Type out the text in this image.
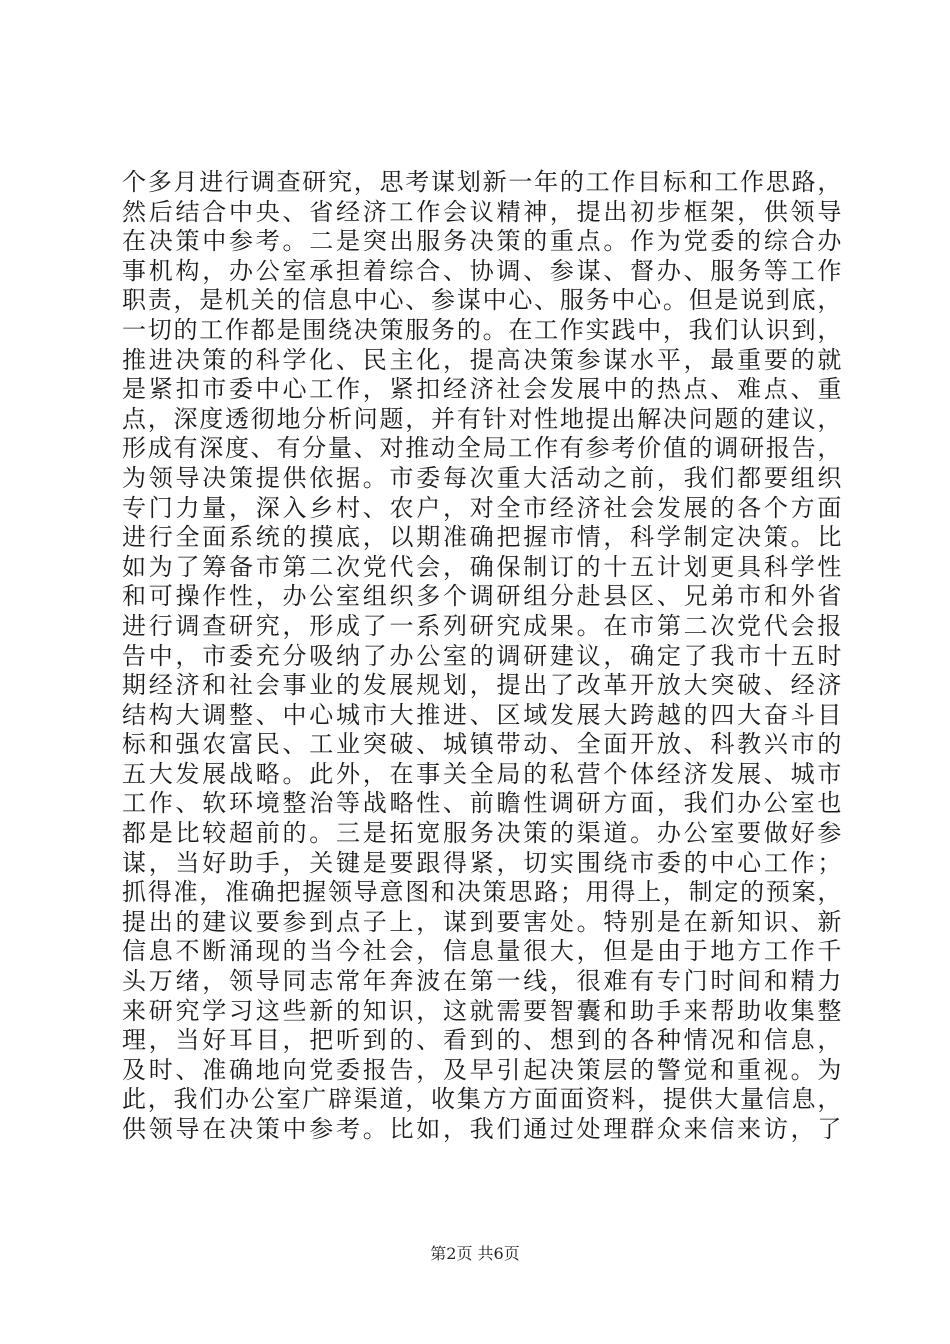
个多月进行调查研究，思考谋划新一年的工作目标和工作思路，
然后结合中央、省经济工作会议精神，提出初步框架，供领导
在决策中参考。二是突出服务决策的重点。作为党委的综合办
事机构，办公室承担着综合、协调、参谋、督办、服务等工作
职责，是机关的信息中心、参谋中心、服务中心。但是说到底，
一切的工作都是围绕决策服务的。在工作实践中，我们认识到，
推进决策的科学化、民主化，提高决策参谋水平，最重要的就
是紧扣市委中心工作，紧扣经济社会发展中的热点、难点、重
点，深度透彻地分析问题，并有针对性地提出解决问题的建议，
形成有深度、有分量、对推动全局工作有参考价值的调研报告，
为领导决策提供依据。市委每次重大活动之前，我们都要组织
专门力量，深入乡村、农户，对全市经济社会发展的各个方面
进行全面系统的摸底，以期准确把握市情，科学制定决策。比
如为了筹备市第二次党代会，确保制订的十五计划更具科学性
和可操作性，办公室组织多个调研组分赴县区、兄弟市和外省
进行调查研究，形成了一系列研究成果。在市第二次党代会报
告中，市委充分吸纳了办公室的调研建议，确定了我市十五时
期经济和社会事业的发展规划，提出了改革开放大突破、经济
结构大调整、中心城市大推进、区域发展大跨越的四大奋斗目
标和强农富民、工业突破、城镇带动、全面开放、科教兴市的
五大发展战略。此外，在事关全局的私营个体经济发展、城市
工作、软环境整治等战略性、前瞻性调研方面，我们办公室也
都是比较超前的。三是拓宽服务决策的渠道。办公室要做好参
谋，当好助手，关键是要跟得紧，切实围绕市委的中心工作；
抓得准，准确把握领导意图和决策思路；用得上，制定的预案，
提出的建议要参到点子上，谋到要害处。特别是在新知识、新
信息不断涌现的当今社会，信息量很大，但是由于地方工作千
头万绪，领导同志常年奔波在第一线，很难有专门时间和精力
来研究学习这些新的知识，这就需要智囊和助手来帮助收集整
理，当好耳目，把听到的、看到的、想到的各种情况和信息，
及时、准确地向党委报告，及早引起决策层的警觉和重视。为
此，我们办公室广辟渠道，收集方方面面资料，提供大量信息，
供领导在决策中参考。比如，我们通过处理群众来信来访，了
第2页 共6页
